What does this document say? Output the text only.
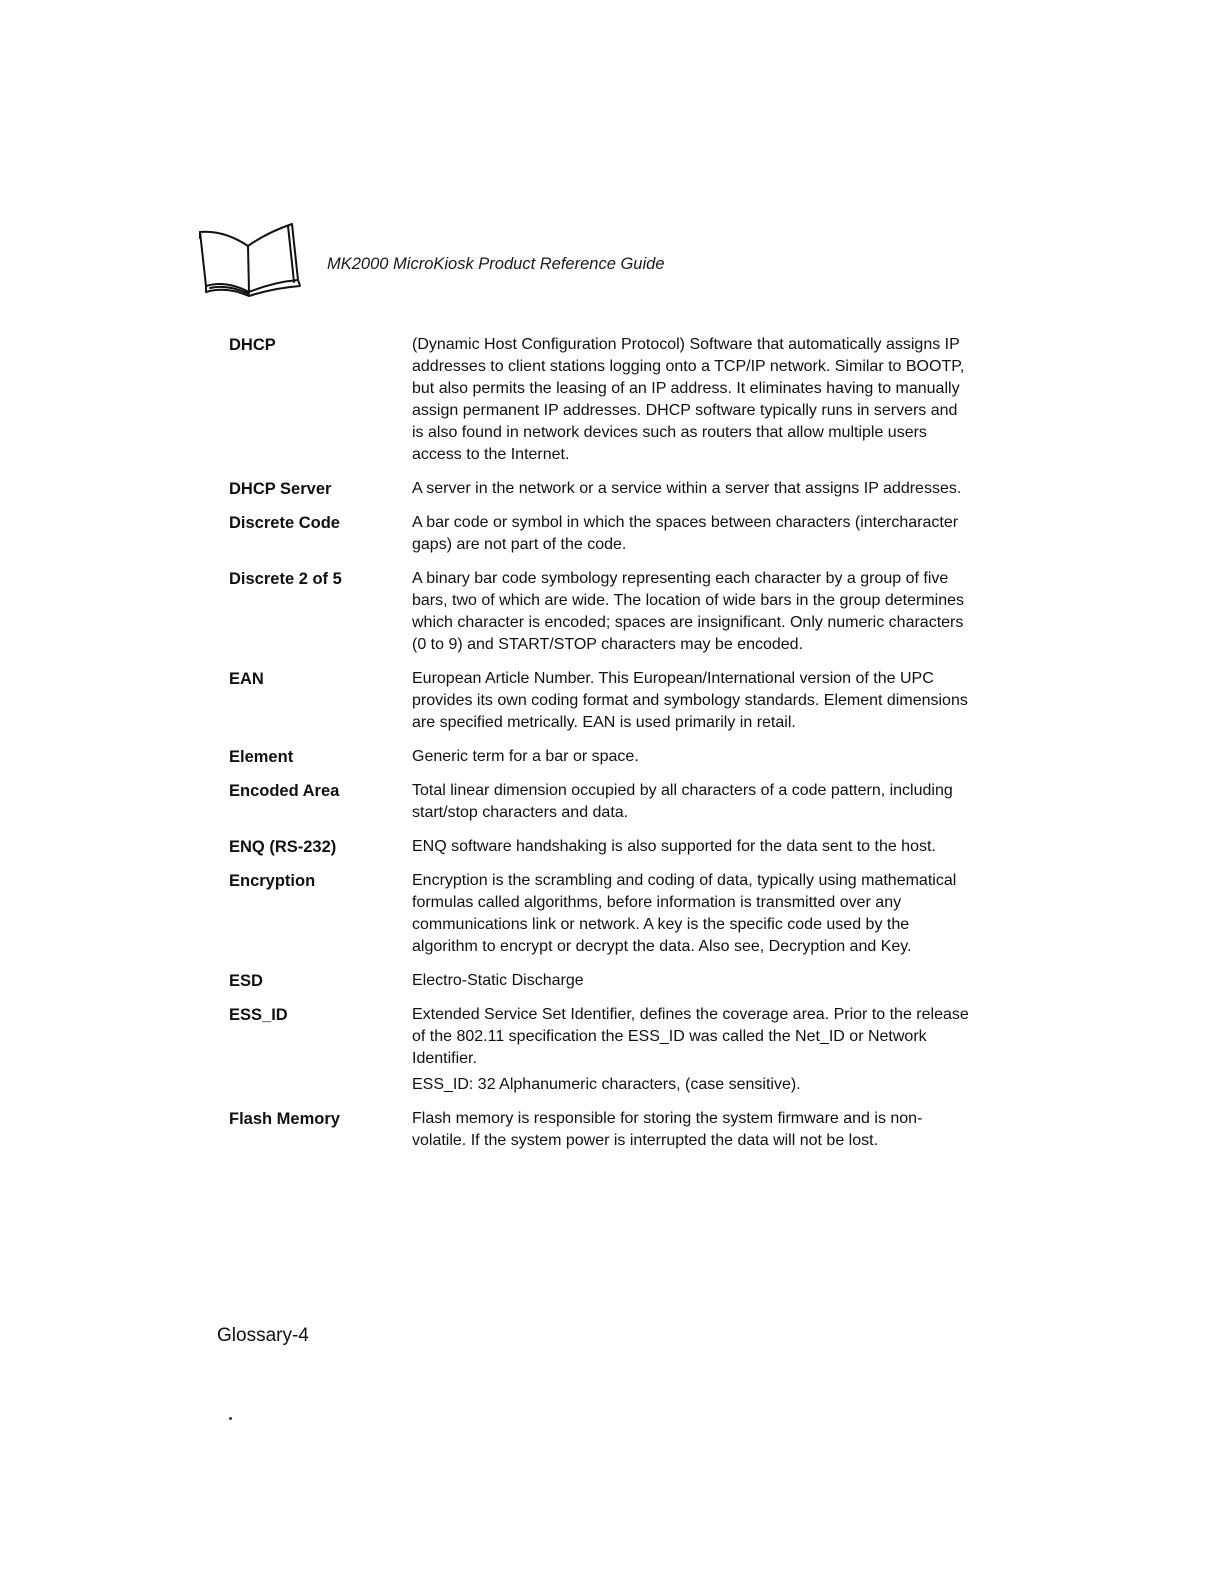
MK2000 MicroKiosk Product Reference Guide
DHCP	(Dynamic Host Configuration Protocol) Software that automatically assigns IP addresses to client stations logging onto a TCP/IP network. Similar to BOOTP, but also permits the leasing of an IP address. It eliminates having to manually assign permanent IP addresses. DHCP software typically runs in servers and is also found in network devices such as routers that allow multiple users access to the Internet.

DHCP Server	A server in the network or a service within a server that assigns IP addresses.

Discrete Code	A bar code or symbol in which the spaces between characters (intercharacter gaps) are not part of the code.

Discrete 2 of 5	A binary bar code symbology representing each character by a group of five bars, two of which are wide. The location of wide bars in the group determines which character is encoded; spaces are insignificant. Only numeric characters (0 to 9) and START/STOP characters may be encoded.

EAN	European Article Number. This European/International version of the UPC provides its own coding format and symbology standards. Element dimensions are specified metrically. EAN is used primarily in retail.

Element	Generic term for a bar or space.

Encoded Area	Total linear dimension occupied by all characters of a code pattern, including start/stop characters and data.

ENQ (RS-232)	ENQ software handshaking is also supported for the data sent to the host.

Encryption	Encryption is the scrambling and coding of data, typically using mathematical formulas called algorithms, before information is transmitted over any communications link or network. A key is the specific code used by the algorithm to encrypt or decrypt the data. Also see, Decryption and Key.

ESD	Electro-Static Discharge

ESS_ID	Extended Service Set Identifier, defines the coverage area. Prior to the release of the 802.11 specification the ESS_ID was called the Net_ID or Network Identifier.

ESS_ID: 32 Alphanumeric characters, (case sensitive).

Flash Memory	Flash memory is responsible for storing the system firmware and is non-volatile. If the system power is interrupted the data will not be lost.

Glossary-4
